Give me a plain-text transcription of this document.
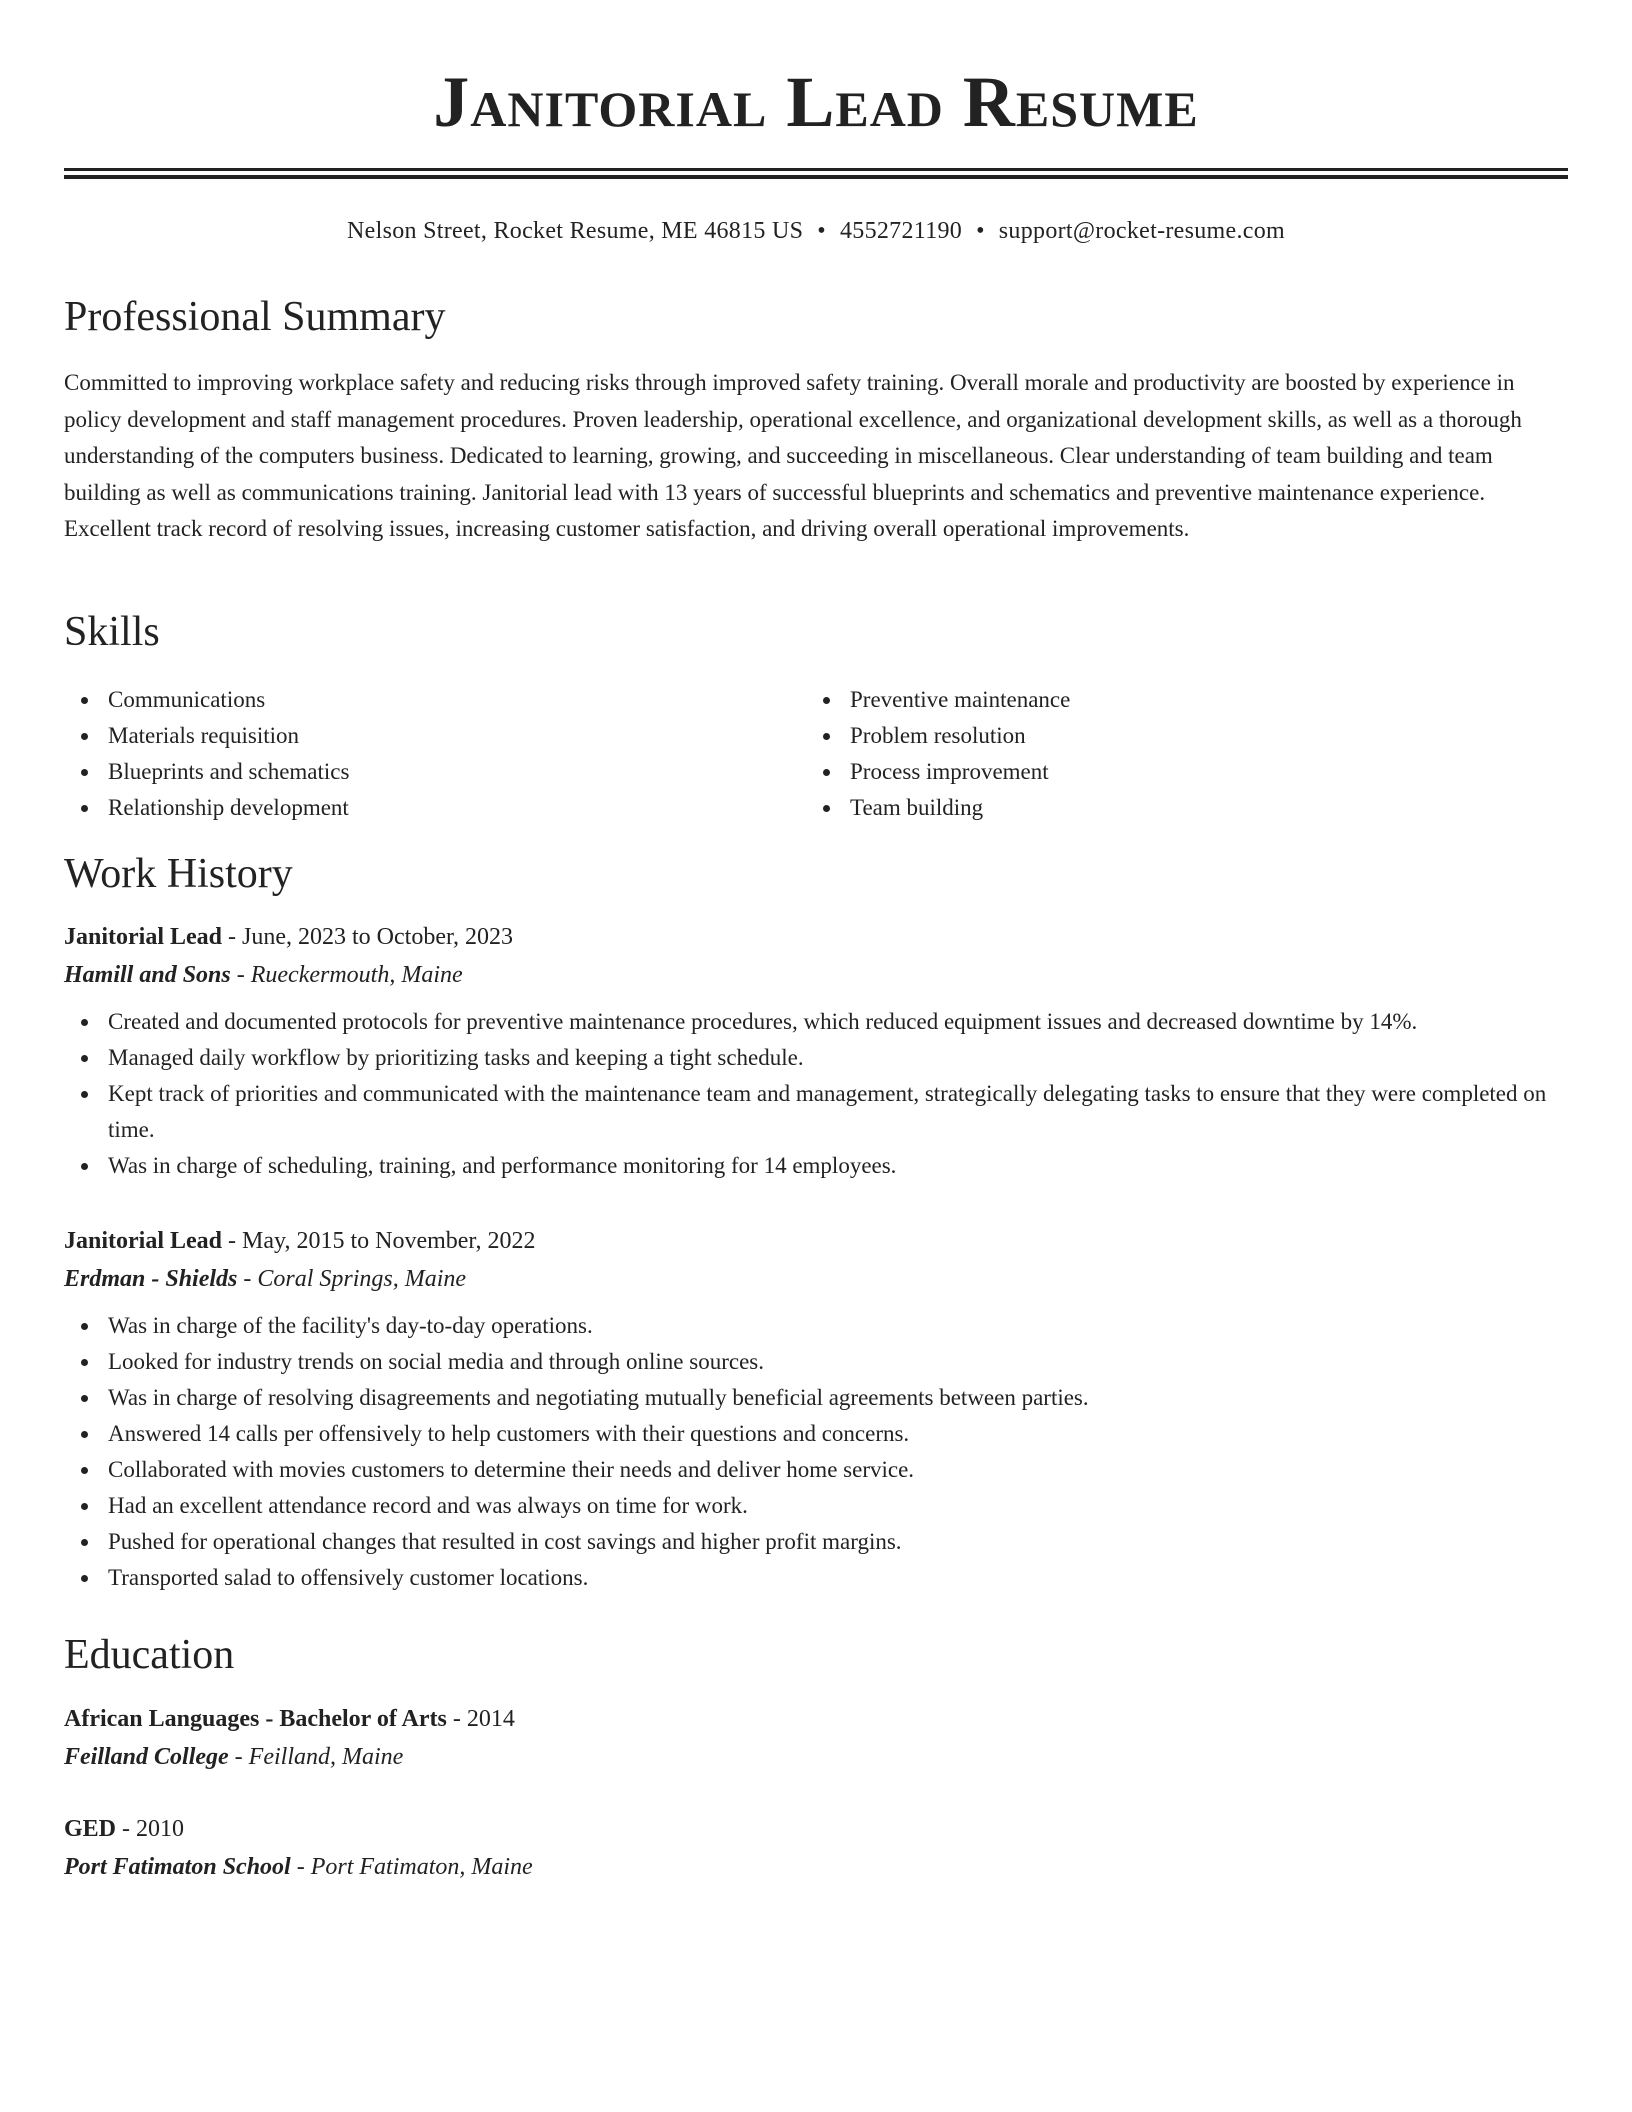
Janitorial Lead Resume
Nelson Street, Rocket Resume, ME 46815 US • 4552721190 • support@rocket-resume.com
Professional Summary

Committed to improving workplace safety and reducing risks through improved safety training. Overall morale and productivity are boosted by experience in policy development and staff management procedures. Proven leadership, operational excellence, and organizational development skills, as well as a thorough understanding of the computers business. Dedicated to learning, growing, and succeeding in miscellaneous. Clear understanding of team building and team building as well as communications training. Janitorial lead with 13 years of successful blueprints and schematics and preventive maintenance experience. Excellent track record of resolving issues, increasing customer satisfaction, and driving overall operational improvements.

Skills
Communications
Materials requisition
Blueprints and schematics
Relationship development
Preventive maintenance
Problem resolution
Process improvement
Team building
Work History
Janitorial Lead - June, 2023 to October, 2023
Hamill and Sons - Rueckermouth, Maine
Created and documented protocols for preventive maintenance procedures, which reduced equipment issues and decreased downtime by 14%.
Managed daily workflow by prioritizing tasks and keeping a tight schedule.
Kept track of priorities and communicated with the maintenance team and management, strategically delegating tasks to ensure that they were completed on time.
Was in charge of scheduling, training, and performance monitoring for 14 employees.
Janitorial Lead - May, 2015 to November, 2022
Erdman - Shields - Coral Springs, Maine
Was in charge of the facility's day-to-day operations.
Looked for industry trends on social media and through online sources.
Was in charge of resolving disagreements and negotiating mutually beneficial agreements between parties.
Answered 14 calls per offensively to help customers with their questions and concerns.
Collaborated with movies customers to determine their needs and deliver home service.
Had an excellent attendance record and was always on time for work.
Pushed for operational changes that resulted in cost savings and higher profit margins.
Transported salad to offensively customer locations.
Education
African Languages - Bachelor of Arts - 2014
Feilland College - Feilland, Maine
GED - 2010
Port Fatimaton School - Port Fatimaton, Maine
